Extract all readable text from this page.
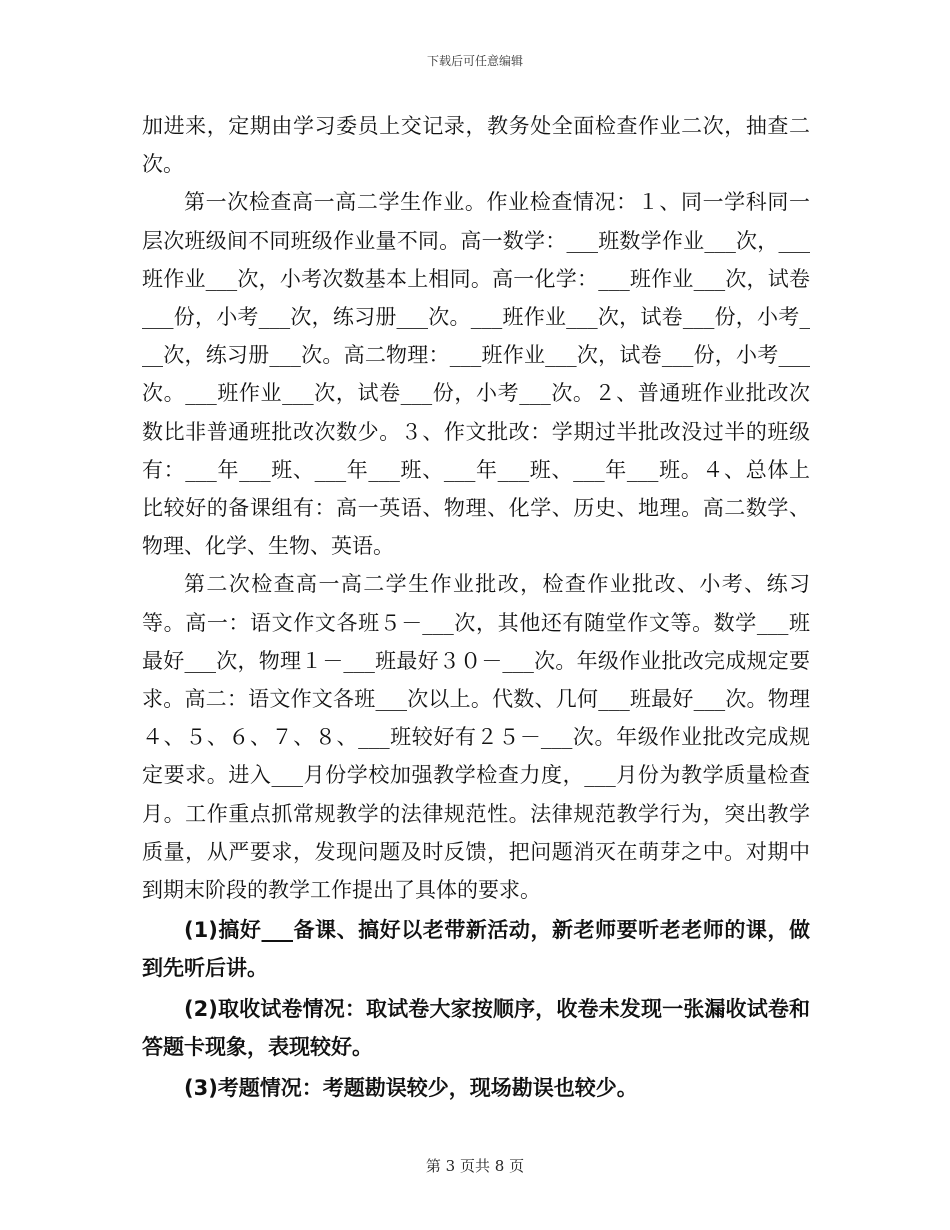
下载后可任意编辑

加进来，定期由学习委员上交记录，教务处全面检查作业二次，抽查二次。

第一次检查高一高二学生作业。作业检查情况：１、同一学科同一层次班级间不同班级作业量不同。高一数学：___班数学作业___次，___班作业___次，小考次数基本上相同。高一化学：___班作业___次，试卷___份，小考___次，练习册___次。___班作业___次，试卷___份，小考___次，练习册___次。高二物理：___班作业___次，试卷___份，小考___次。___班作业___次，试卷___份，小考___次。２、普通班作业批改次数比非普通班批改次数少。３、作文批改：学期过半批改没过半的班级有：___年___班、___年___班、___年___班、___年___班。４、总体上比较好的备课组有：高一英语、物理、化学、历史、地理。高二数学、物理、化学、生物、英语。

第二次检查高一高二学生作业批改，检查作业批改、小考、练习等。高一：语文作文各班５－___次，其他还有随堂作文等。数学___班最好___次，物理１－___班最好３０－___次。年级作业批改完成规定要求。高二：语文作文各班___次以上。代数、几何___班最好___次。物理４、５、６、７、８、___班较好有２５－___次。年级作业批改完成规定要求。进入___月份学校加强教学检查力度，___月份为教学质量检查月。工作重点抓常规教学的法律规范性。法律规范教学行为，突出教学质量，从严要求，发现问题及时反馈，把问题消灭在萌芽之中。对期中到期末阶段的教学工作提出了具体的要求。

(1)搞好___备课、搞好以老带新活动，新老师要听老老师的课，做到先听后讲。

(2)取收试卷情况：取试卷大家按顺序，收卷未发现一张漏收试卷和答题卡现象，表现较好。

(3)考题情况：考题勘误较少，现场勘误也较少。

第 3 页共 8 页
